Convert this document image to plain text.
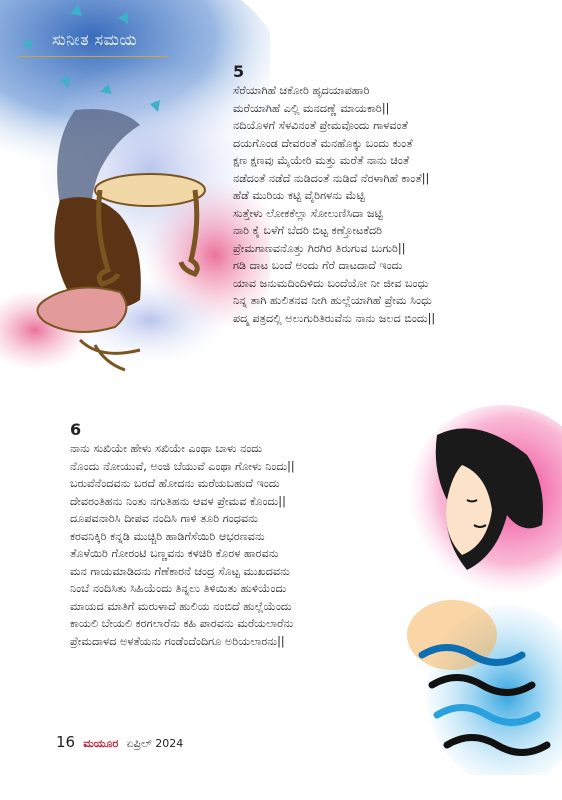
ಸುನೀತ ಸಮಯ
5
ಸೆರೆಯಾಗಿಹೆ ಚಕೋರಿ ಹೃದಯಾಪಹಾರಿ
ಮರೆಯಾಗಿಹೆ ಎಲ್ಲಿ ಮನದಣ್ಣೆ ಮಾಯಕಾರಿ||
ನದಿಯೊಳಗೆ ಸೆಳವಿನಂತೆ ಪ್ರೇಮವೊಂದು ಗಾಳವಂತೆ
ದಯಗೊಂಡ ದೇವರಂತೆ ಮನಹೊಕ್ಕು ಬಂದು ಕುಂತೆ
ಕ್ಷಣ ಕ್ಷಣವು ಮೈಯೇರಿ ಮತ್ತು ಮರೆತೆ ನಾನು ಚಿಂತೆ
ನಡೆದಂತೆ ನಡೆದೆ ನುಡಿದಂತೆ ನುಡಿದೆ ನೆರಳಾಗಿಹೆ ಕಾಂತೆ||
ಹೆಡೆ ಮುರಿಯ ಕಟ್ಟಿ ವೈರಿಗಳನು ಮೆಟ್ಟಿ
ಸುತ್ತೇಳು ಲೋಕಕೆಲ್ಲಾ ಸೋಲುಣಿಸಿದಾ ಜಟ್ಟಿ
ನಾರಿ ಕೈ ಬಳೆಗೆ ಬೆದರಿ ಬಿಟ್ಟ ಕಣ್ತೋಟಕೆದರಿ
ಪ್ರೇಮಗಾಣವನೊತ್ತು ಗಿರಗಿರ ತಿರುಗುವ ಬುಗುರಿ||
ಗಡಿ ದಾಟ ಬಂದೆ ಅಂದು ಗೆರೆ ದಾಟದಾದೆ ಇಂದು
ಯಾವ ಜನುಮದಿಂದಿಳಿದು ಬಂದೆಯೋ ನೀ ಜೀವ ಬಂಧು
ನಿನ್ನ ತಾಗಿ ಹುಲಿತನವ ನೀಗಿ ಹುಲ್ಲೆಯಾಗಿಹೆ ಪ್ರೇಮ ಸಿಂಧು
ಪದ್ಮ ಪತ್ರದಲ್ಲಿ ಅಲುಗುರಿತಿರುವೆನು ನಾನು ಜಲದ ಬಿಂದು||
6
ನಾನು ಸುಖಿಯೇ ಹೇಳು ಸಖಿಯೇ ಎಂಥಾ ಬಾಳು ನಂದು
ನೊಂದು ನೋಯುವೆ, ಅಂಜಿ ಬೆಯುವೆ ಎಂಥಾ ಗೋಳು ನಿಂದು||
ಬರುವೆನೆಂದವನು ಬರದೆ ಹೋದನು ಮರೆಯಬಹುದೆ ಇಂದು
ದೇವರಂತಿಹನು ನಿಂತು ನಗುತಿಹನು ಆವಳ ಪ್ರೇಮವ ಕೊಂದು||
ದೂಪವನಾರಿಸಿ ದೀಪವ ನಂದಿಸಿ ಗಾಳಿ ತೂರಿ ಗಂಧವನು
ಕರವನಿಕ್ಕಿರಿ ಕನ್ನಡಿ ಮುಚ್ಚಿರಿ ಹಾಡಿಗೆಸೆಯಿರಿ ಆಭರಣವನು
ತೊಳೆಯಿರಿ ಗೋರಂಟಿ ಬಣ್ಣವನು ಕಳಚಿರಿ ಕೊರಳ ಹಾರವನು
ಮನ ಗಾಯಮಾಡಿದನು ಗೆಣೆಕಾರನೆ ಚಂದ್ರ ಸೊಟ್ಟ ಮುಖದವನು
ನಿಂಬೆ ನಂದಿಸಿತು ಸಿಹಿಯೆಂದು ತಿನ್ನಲು ತಿಳಿಯಿತು ಹುಳಿಯೆಂದು
ಮಾಯದ ಮಾತಿಗೆ ಮರುಳಾದೆ ಹುಲಿಯ ನಂಬಿದೆ ಹುಲ್ಲೆಯೆಂದು
ಕಾಯಲಿ ಬೇಯಲಿ ಕರಗಲಾರೆನು ಕಹಿ ಪಾರವನು ಮರೆಯಲಾರೆನು
ಪ್ರೇಮದಾಳದ ಅಳತೆಯನು ಗಂಡೆಂದೆಂದಿಗೂ ಅರಿಯಲಾರನು||
16 ಮಯೂರ ಏಪ್ರಿಲ್ 2024
